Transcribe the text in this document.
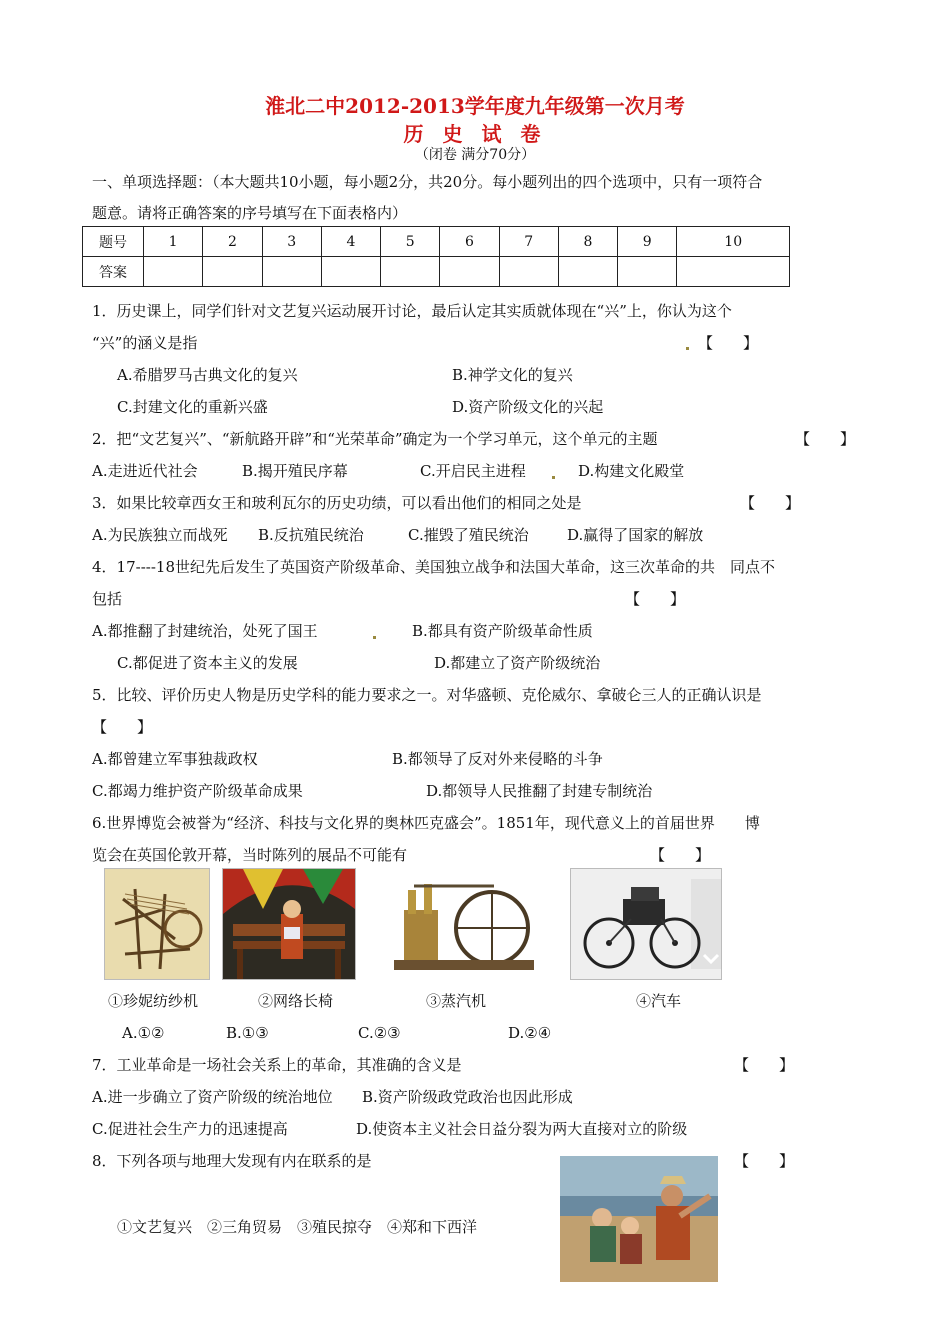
淮北二中2012-2013学年度九年级第一次月考
历 史 试 卷
（闭卷 满分70分）
一、单项选择题：（本大题共10小题，每小题2分，共20分。每小题列出的四个选项中，只有一项符合
题意。请将正确答案的序号填写在下面表格内）
题号	1	2	3	4	5	6	7	8	9	10
答案										
1．历史课上，同学们针对文艺复兴运动展开讨论，最后认定其实质就体现在“兴”上，你认为这个
“兴”的涵义是指	【　　】
A.希腊罗马古典文化的复兴	B.神学文化的复兴
C.封建文化的重新兴盛	D.资产阶级文化的兴起
2．把“文艺复兴”、“新航路开辟”和“光荣革命”确定为一个学习单元，这个单元的主题	【　　】
A.走进近代社会	B.揭开殖民序幕	C.开启民主进程	D.构建文化殿堂
3．如果比较章西女王和玻利瓦尔的历史功绩，可以看出他们的相同之处是	【　　】
A.为民族独立而战死 B.反抗殖民统治	C.摧毁了殖民统治	D.赢得了国家的解放
4．17----18世纪先后发生了英国资产阶级革命、美国独立战争和法国大革命，这三次革命的共　同点不
包括	【　　】
A.都推翻了封建统治，处死了国王	B.都具有资产阶级革命性质
C.都促进了资本主义的发展	D.都建立了资产阶级统治
5．比较、评价历史人物是历史学科的能力要求之一。对华盛顿、克伦威尔、拿破仑三人的正确认识是
【　　】
A.都曾建立军事独裁政权	B.都领导了反对外来侵略的斗争
C.都竭力维护资产阶级革命成果	D.都领导人民推翻了封建专制统治
6.世界博览会被誉为“经济、科技与文化界的奥林匹克盛会”。1851年，现代意义上的首届世界　　博
览会在英国伦敦开幕，当时陈列的展品不可能有	【　　】
①珍妮纺纱机	②网络长椅	③蒸汽机	④汽车
A.①②	B.①③	C.②③	D.②④
7．工业革命是一场社会关系上的革命，其准确的含义是	【　　】
A.进一步确立了资产阶级的统治地位 B.资产阶级政党政治也因此形成
C.促进社会生产力的迅速提高	D.使资本主义社会日益分裂为两大直接对立的阶级
8．下列各项与地理大发现有内在联系的是	【　　】
①文艺复兴　②三角贸易　③殖民掠夺　④郑和下西洋
